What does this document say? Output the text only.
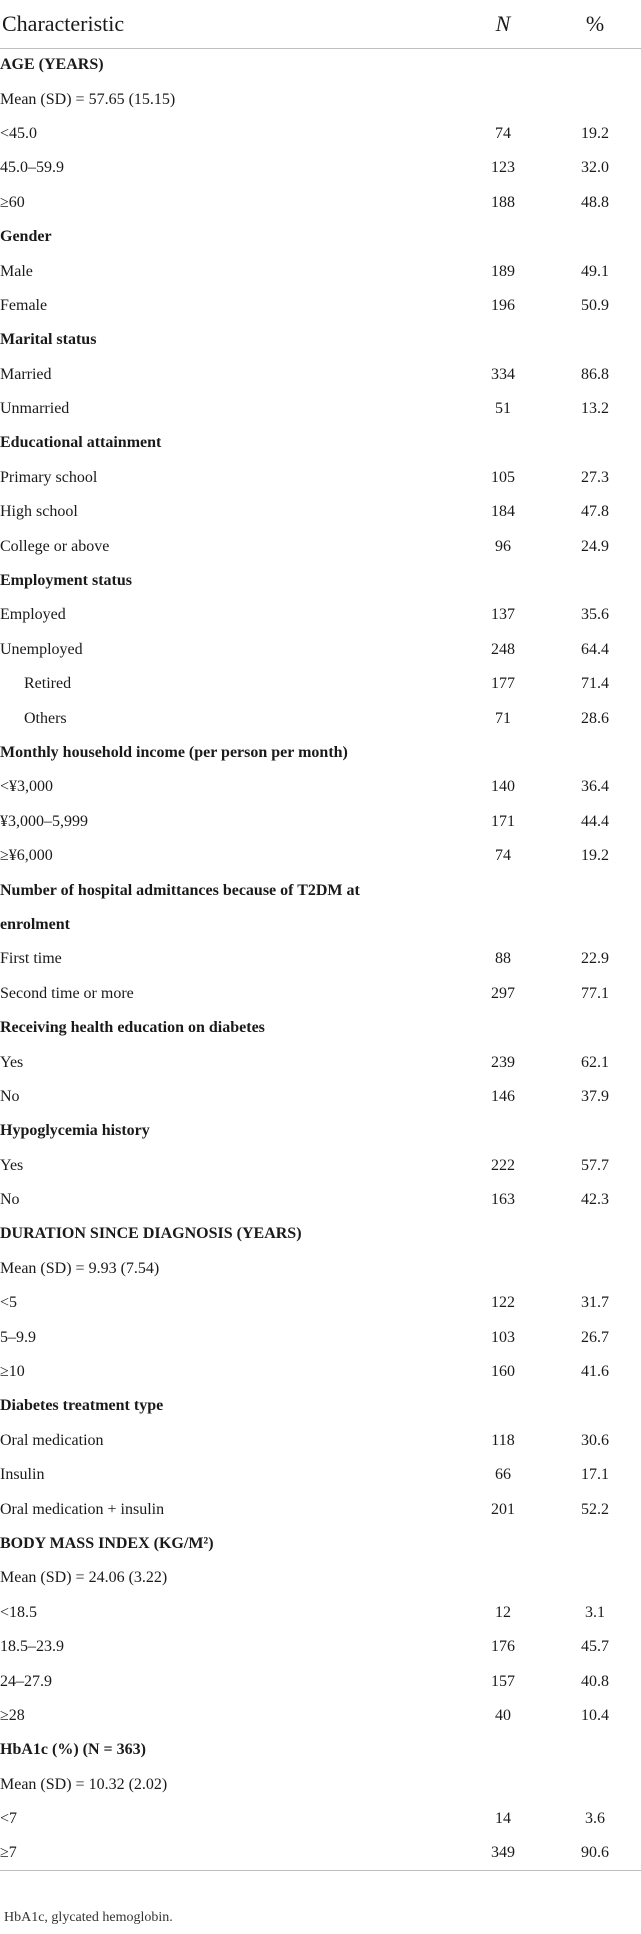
Characteristic	N	%
AGE (YEARS)		
Mean (SD) = 57.65 (15.15)		
<45.0	74	19.2
45.0–59.9	123	32.0
≥60	188	48.8
Gender		
Male	189	49.1
Female	196	50.9
Marital status		
Married	334	86.8
Unmarried	51	13.2
Educational attainment		
Primary school	105	27.3
High school	184	47.8
College or above	96	24.9
Employment status		
Employed	137	35.6
Unemployed	248	64.4
Retired	177	71.4
Others	71	28.6
Monthly household income (per person per month)		
<¥3,000	140	36.4
¥3,000–5,999	171	44.4
≥¥6,000	74	19.2
Number of hospital admittances because of T2DM at		
enrolment		
First time	88	22.9
Second time or more	297	77.1
Receiving health education on diabetes		
Yes	239	62.1
No	146	37.9
Hypoglycemia history		
Yes	222	57.7
No	163	42.3
DURATION SINCE DIAGNOSIS (YEARS)		
Mean (SD) = 9.93 (7.54)		
<5	122	31.7
5–9.9	103	26.7
≥10	160	41.6
Diabetes treatment type		
Oral medication	118	30.6
Insulin	66	17.1
Oral medication + insulin	201	52.2
BODY MASS INDEX (KG/M²)		
Mean (SD) = 24.06 (3.22)		
<18.5	12	3.1
18.5–23.9	176	45.7
24–27.9	157	40.8
≥28	40	10.4
HbA1c (%) (N = 363)		
Mean (SD) = 10.32 (2.02)		
<7	14	3.6
≥7	349	90.6
HbA1c, glycated hemoglobin.
